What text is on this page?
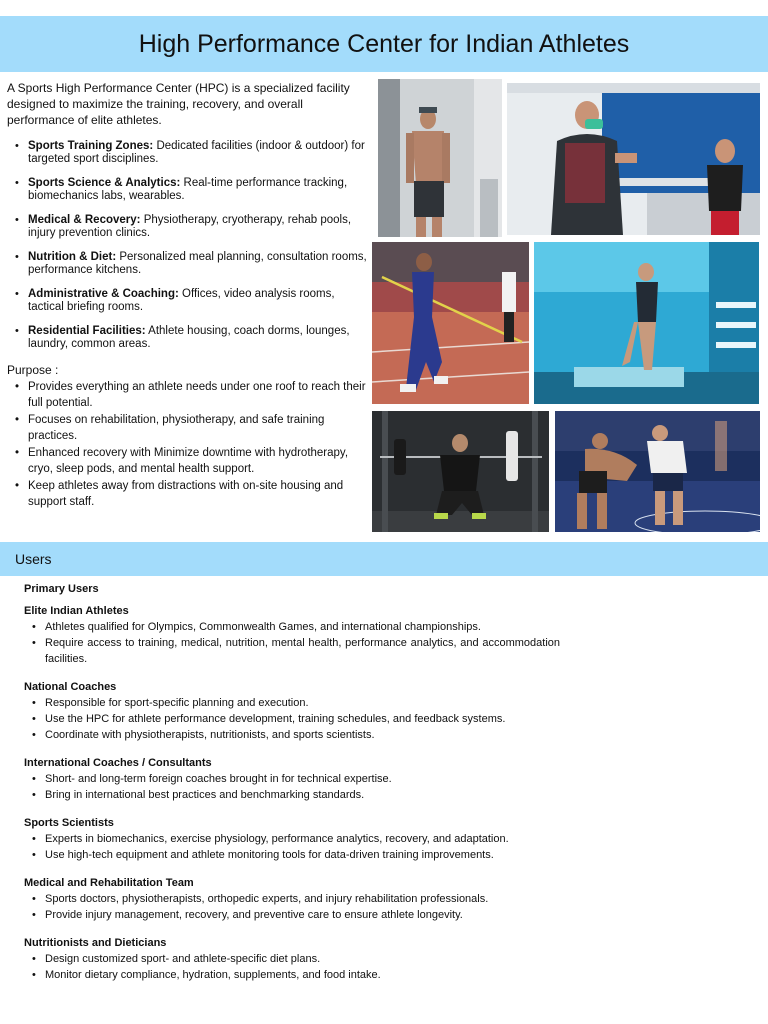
High Performance Center for Indian Athletes

A Sports High Performance Center (HPC) is a specialized facility designed to maximize the training, recovery, and overall performance of elite athletes.

• Sports Training Zones: Dedicated facilities (indoor & outdoor) for targeted sport disciplines.
• Sports Science & Analytics: Real-time performance tracking, biomechanics labs, wearables.
• Medical & Recovery: Physiotherapy, cryotherapy, rehab pools, injury prevention clinics.
• Nutrition & Diet: Personalized meal planning, consultation rooms, performance kitchens.
• Administrative & Coaching: Offices, video analysis rooms, tactical briefing rooms.
• Residential Facilities: Athlete housing, coach dorms, lounges, laundry, common areas.
Purpose :
• Provides everything an athlete needs under one roof to reach their full potential.
• Focuses on rehabilitation, physiotherapy, and safe training practices.
• Enhanced recovery with Minimize downtime with hydrotherapy, cryo, sleep pods, and mental health support.
• Keep athletes away from distractions with on-site housing and support staff.
Users
Primary Users
Elite Indian Athletes
• Athletes qualified for Olympics, Commonwealth Games, and international championships.
• Require access to training, medical, nutrition, mental health, performance analytics, and accommodation facilities.
National Coaches
• Responsible for sport-specific planning and execution.
• Use the HPC for athlete performance development, training schedules, and feedback systems.
• Coordinate with physiotherapists, nutritionists, and sports scientists.
International Coaches / Consultants
• Short- and long-term foreign coaches brought in for technical expertise.
• Bring in international best practices and benchmarking standards.
Sports Scientists
• Experts in biomechanics, exercise physiology, performance analytics, recovery, and adaptation.
• Use high-tech equipment and athlete monitoring tools for data-driven training improvements.
Medical and Rehabilitation Team
• Sports doctors, physiotherapists, orthopedic experts, and injury rehabilitation professionals.
• Provide injury management, recovery, and preventive care to ensure athlete longevity.
Nutritionists and Dieticians
• Design customized sport- and athlete-specific diet plans.
• Monitor dietary compliance, hydration, supplements, and food intake.
